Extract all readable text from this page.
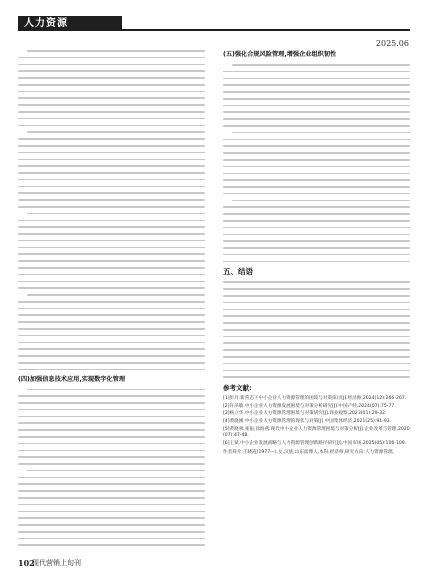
人力资源
2025.06
(四)加强信息技术应用,实现数字化管理
(五)强化合规风险管理,增强企业组织韧性
五、结语
参考文献:
[1]彭丹.新常态下中小企业人力资源管理的困境与对策探讨[J].经济师,2024(12):266-267.
[2]许泽敏.中小企业人力资源发展困境与对策分析研究[J].中国产经,2024(07):75-77.
[3]杨立华.中小企业人力资源管理困境与对策研究[J].商业观察,2023(01):29-32.
[4]黄晓刚.中小企业人力资源管理的现状与对策[J].中国集体经济,2021(25):91-93.
[5]黄晓翠,张振,徐海燕.现代中小企业人力资源管理困境与对策分析[J].企业改革与管理,2020(07):47-48.
[6]王斌.中小企业发展战略与人力资源管理创新路径研究[J].中国市场,2025(05):106-109.
作者简介:王晓霞(1977—),女,汉族,山东淄博人,本科,经济师,研究方向:人力资源管理。
102
现代营销上旬刊
